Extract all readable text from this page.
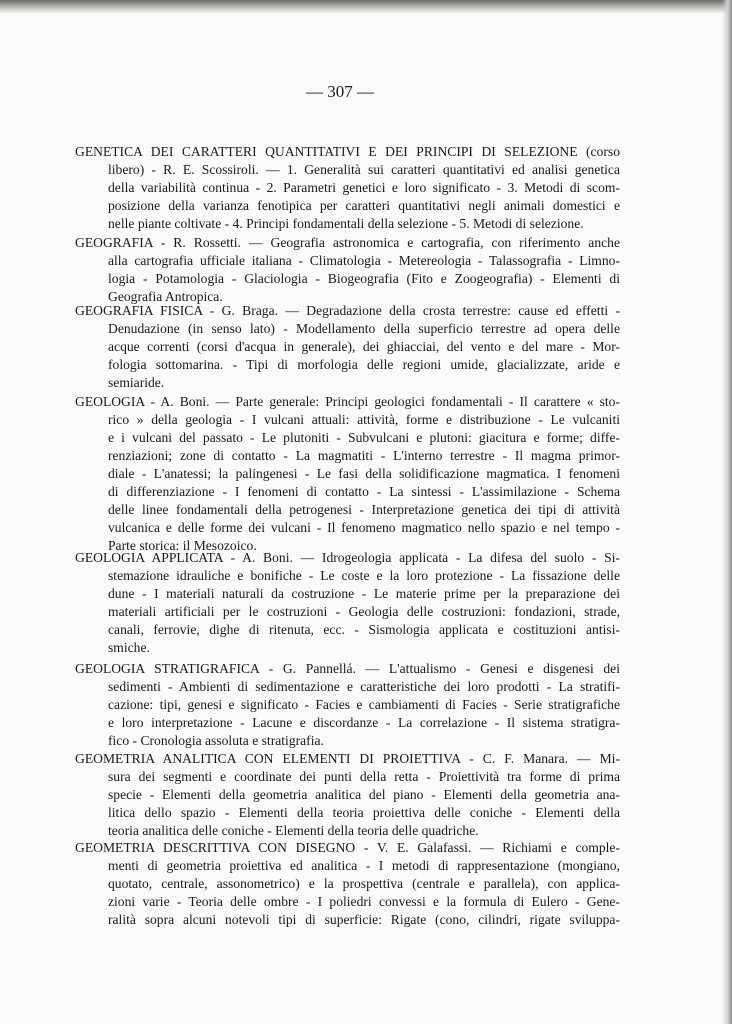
— 307 —
GENETICA DEI CARATTERI QUANTITATIVI E DEI PRINCIPI DI SELEZIONE (corso
libero) - R. E. Scossiroli. — 1. Generalità sui caratteri quantitativi ed analisi genetica
della variabilità continua - 2. Parametri genetici e loro significato - 3. Metodi di scom-
posizione della varianza fenotipica per caratteri quantitativi negli animali domestici e
nelle piante coltivate - 4. Principi fondamentali della selezione - 5. Metodi di selezione.
GEOGRAFIA - R. Rossetti. — Geografia astronomica e cartografia, con riferimento anche
alla cartografia ufficiale italiana - Climatologia - Metereologia - Talassografia - Limno-
logia - Potamologia - Glaciologia - Biogeografia (Fito e Zoogeografia) - Elementi di
Geografia Antropica.
GEOGRAFIA FISICA - G. Braga. — Degradazione della crosta terrestre: cause ed effetti -
Denudazione (in senso lato) - Modellamento della superficio terrestre ad opera delle
acque correnti (corsi d'acqua in generale), dei ghiacciai, del vento e del mare - Mor-
fologia sottomarina. - Tipi di morfologia delle regioni umide, glacializzate, aride e
semiaride.
GEOLOGIA - A. Boni. — Parte generale: Principi geologici fondamentali - Il carattere « sto-
rico » della geologia - I vulcani attuali: attività, forme e distribuzione - Le vulcaniti
e i vulcani del passato - Le plutoniti - Subvulcani e plutoni: giacitura e forme; diffe-
renziazioni; zone di contatto - La magmatiti - L'interno terrestre - Il magma primor-
diale - L'anatessi; la palingenesi - Le fasi della solidificazione magmatica. I fenomeni
di differenziazione - I fenomeni di contatto - La sintessi - L'assimilazione - Schema
delle linee fondamentali della petrogenesi - Interpretazione genetica dei tipi di attività
vulcanica e delle forme dei vulcani - Il fenomeno magmatico nello spazio e nel tempo -
Parte storica: il Mesozoico.
GEOLOGIA APPLICATA - A. Boni. — Idrogeologia applicata - La difesa del suolo - Si-
stemazione idrauliche e bonifiche - Le coste e la loro protezione - La fissazione delle
dune - I materiali naturali da costruzione - Le materie prime per la preparazione dei
materiali artificiali per le costruzioni - Geologia delle costruzioni: fondazioni, strade,
canali, ferrovie, dighe di ritenuta, ecc. - Sismologia applicata e costituzioni antisi-
smiche.
GEOLOGIA STRATIGRAFICA - G. Pannellá. — L'attualismo - Genesi e disgenesi dei
sedimenti - Ambienti di sedimentazione e caratteristiche dei loro prodotti - La stratifi-
cazione: tipi, genesi e significato - Facies e cambiamenti di Facies - Serie stratigrafiche
e loro interpretazione - Lacune e discordanze - La correlazione - Il sistema stratigra-
fico - Cronologia assoluta e stratigrafia.
GEOMETRIA ANALITICA CON ELEMENTI DI PROIETTIVA - C. F. Manara. — Mi-
sura dei segmenti e coordinate dei punti della retta - Proiettività tra forme di prima
specie - Elementi della geometria analitica del piano - Elementi della geometria ana-
litica dello spazio - Elementi della teoria proiettiva delle coniche - Elementi della
teoria analitica delle coniche - Elementi della teoria delle quadriche.
GEOMETRIA DESCRITTIVA CON DISEGNO - V. E. Galafassi. — Richiami e comple-
menti di geometria proiettiva ed analitica - I metodi di rappresentazione (mongiano,
quotato, centrale, assonometrico) e la prospettiva (centrale e parallela), con applica-
zioni varie - Teoria delle ombre - I poliedri convessi e la formula di Eulero - Gene-
ralità sopra alcuni notevoli tipi di superficie: Rigate (cono, cilindri, rigate sviluppa-
